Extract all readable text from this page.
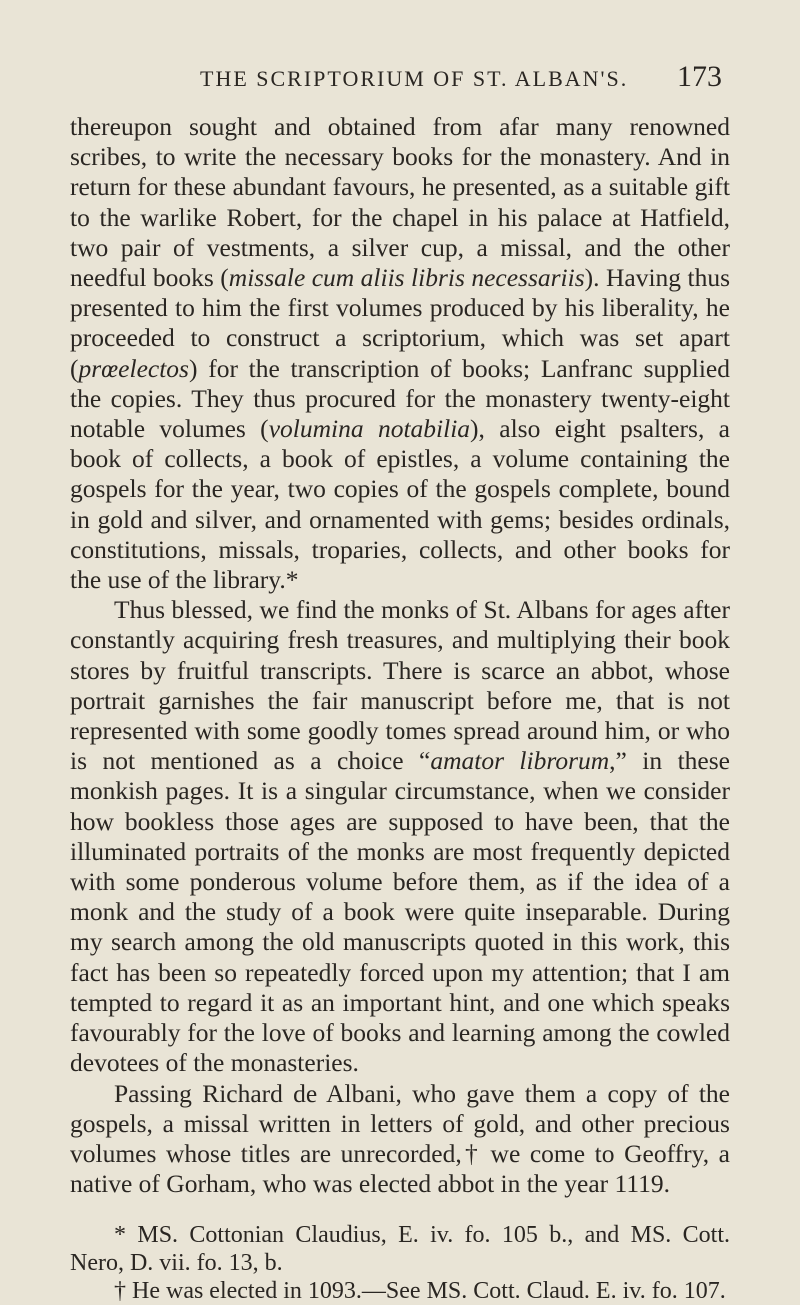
THE SCRIPTORIUM OF ST. ALBAN'S. 173

thereupon sought and obtained from afar many renowned scribes, to write the necessary books for the monastery. And in return for these abundant favours, he presented, as a suitable gift to the warlike Robert, for the chapel in his palace at Hatfield, two pair of vestments, a silver cup, a missal, and the other needful books (missale cum aliis libris necessariis). Having thus presented to him the first volumes produced by his liberality, he proceeded to construct a scriptorium, which was set apart (prœelectos) for the transcription of books; Lanfranc supplied the copies. They thus procured for the monastery twenty-eight notable volumes (volumina notabilia), also eight psalters, a book of collects, a book of epistles, a volume containing the gospels for the year, two copies of the gospels complete, bound in gold and silver, and ornamented with gems; besides ordinals, constitutions, missals, troparies, collects, and other books for the use of the library.*

Thus blessed, we find the monks of St. Albans for ages after constantly acquiring fresh treasures, and multiplying their book stores by fruitful transcripts. There is scarce an abbot, whose portrait garnishes the fair manuscript before me, that is not represented with some goodly tomes spread around him, or who is not mentioned as a choice “amator librorum,” in these monkish pages. It is a singular circumstance, when we consider how bookless those ages are supposed to have been, that the illuminated portraits of the monks are most frequently depicted with some ponderous volume before them, as if the idea of a monk and the study of a book were quite inseparable. During my search among the old manuscripts quoted in this work, this fact has been so repeatedly forced upon my attention; that I am tempted to regard it as an important hint, and one which speaks favourably for the love of books and learning among the cowled devotees of the monasteries.

Passing Richard de Albani, who gave them a copy of the gospels, a missal written in letters of gold, and other precious volumes whose titles are unrecorded,† we come to Geoffry, a native of Gorham, who was elected abbot in the year 1119.

* MS. Cottonian Claudius, E. iv. fo. 105 b., and MS. Cott. Nero, D. vii. fo. 13, b.

† He was elected in 1093.—See MS. Cott. Claud. E. iv. fo. 107.
